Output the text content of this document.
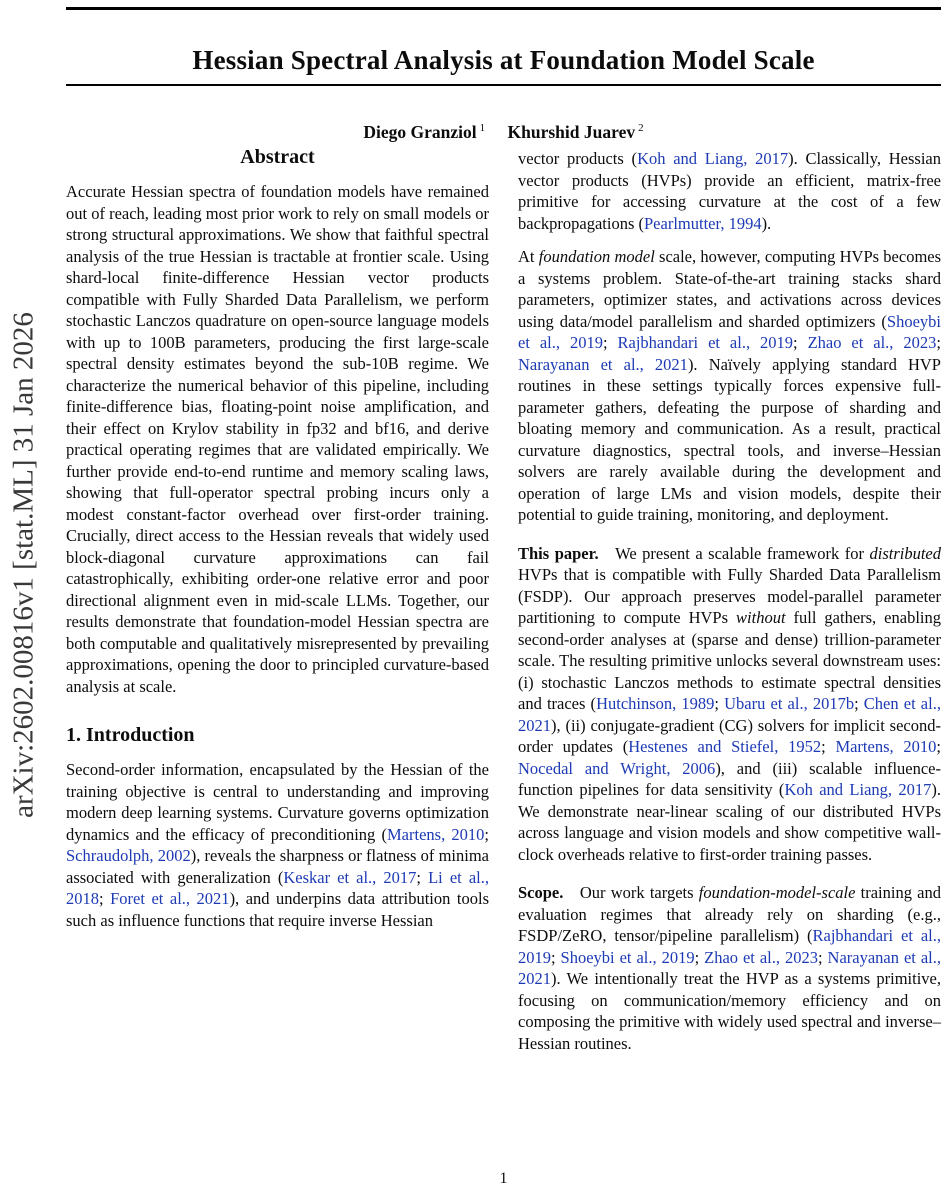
arXiv:2602.00816v1 [stat.ML] 31 Jan 2026
Hessian Spectral Analysis at Foundation Model Scale
Diego Granziol $^1$ Khurshid Juarev $^2$
Abstract

Accurate Hessian spectra of foundation models have remained out of reach, leading most prior work to rely on small models or strong structural approximations. We show that faithful spectral analysis of the true Hessian is tractable at frontier scale. Using shard-local finite-difference Hessian vector products compatible with Fully Sharded Data Parallelism, we perform stochastic Lanczos quadrature on open-source language models with up to 100B parameters, producing the first large-scale spectral density estimates beyond the sub-10B regime. We characterize the numerical behavior of this pipeline, including finite-difference bias, floating-point noise amplification, and their effect on Krylov stability in fp32 and bf16, and derive practical operating regimes that are validated empirically. We further provide end-to-end runtime and memory scaling laws, showing that full-operator spectral probing incurs only a modest constant-factor overhead over first-order training. Crucially, direct access to the Hessian reveals that widely used block-diagonal curvature approximations can fail catastrophically, exhibiting order-one relative error and poor directional alignment even in mid-scale LLMs. Together, our results demonstrate that foundation-model Hessian spectra are both computable and qualitatively misrepresented by prevailing approximations, opening the door to principled curvature-based analysis at scale.

1. Introduction

Second-order information, encapsulated by the Hessian of the training objective is central to understanding and improving modern deep learning systems. Curvature governs optimization dynamics and the efficacy of preconditioning (Martens, 2010; Schraudolph, 2002), reveals the sharpness or flatness of minima associated with generalization (Keskar et al., 2017; Li et al., 2018; Foret et al., 2021), and underpins data attribution tools such as influence functions that require inverse Hessian

vector products (Koh and Liang, 2017). Classically, Hessian vector products (HVPs) provide an efficient, matrix-free primitive for accessing curvature at the cost of a few backpropagations (Pearlmutter, 1994).

At foundation model scale, however, computing HVPs becomes a systems problem. State-of-the-art training stacks shard parameters, optimizer states, and activations across devices using data/model parallelism and sharded optimizers (Shoeybi et al., 2019; Rajbhandari et al., 2019; Zhao et al., 2023; Narayanan et al., 2021). Naïvely applying standard HVP routines in these settings typically forces expensive full-parameter gathers, defeating the purpose of sharding and bloating memory and communication. As a result, practical curvature diagnostics, spectral tools, and inverse–Hessian solvers are rarely available during the development and operation of large LMs and vision models, despite their potential to guide training, monitoring, and deployment.

This paper. We present a scalable framework for distributed HVPs that is compatible with Fully Sharded Data Parallelism (FSDP). Our approach preserves model-parallel parameter partitioning to compute HVPs without full gathers, enabling second-order analyses at (sparse and dense) trillion-parameter scale. The resulting primitive unlocks several downstream uses: (i) stochastic Lanczos methods to estimate spectral densities and traces (Hutchinson, 1989; Ubaru et al., 2017b; Chen et al., 2021), (ii) conjugate-gradient (CG) solvers for implicit second-order updates (Hestenes and Stiefel, 1952; Martens, 2010; Nocedal and Wright, 2006), and (iii) scalable influence-function pipelines for data sensitivity (Koh and Liang, 2017). We demonstrate near-linear scaling of our distributed HVPs across language and vision models and show competitive wall-clock overheads relative to first-order training passes.

Scope. Our work targets foundation-model-scale training and evaluation regimes that already rely on sharding (e.g., FSDP/ZeRO, tensor/pipeline parallelism) (Rajbhandari et al., 2019; Shoeybi et al., 2019; Zhao et al., 2023; Narayanan et al., 2021). We intentionally treat the HVP as a systems primitive, focusing on communication/memory efficiency and on composing the primitive with widely used spectral and inverse–Hessian routines.

1
